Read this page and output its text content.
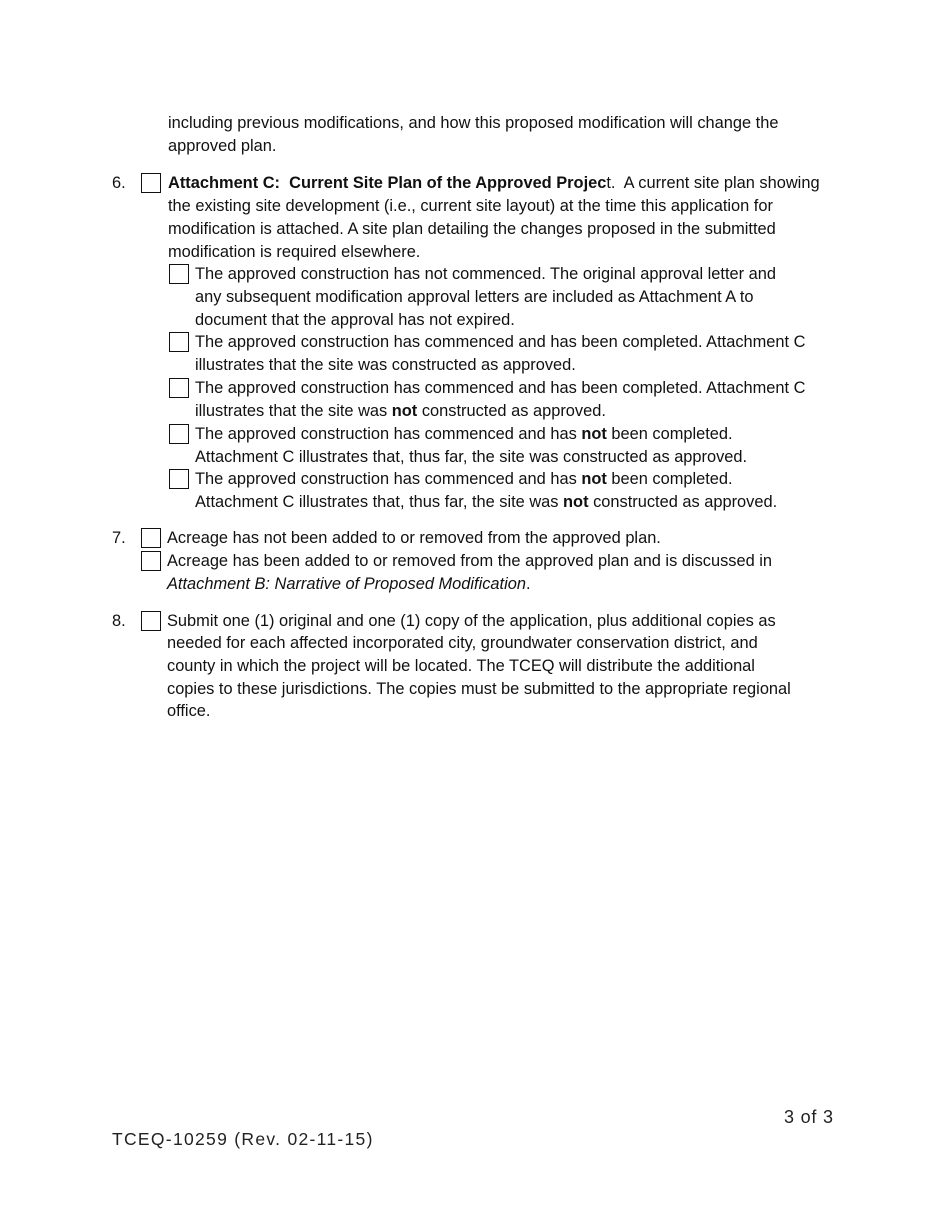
including previous modifications, and how this proposed modification will change the
approved plan.
6.	Attachment C:  Current Site Plan of the Approved Project.  A current site plan showing
the existing site development (i.e., current site layout) at the time this application for
modification is attached. A site plan detailing the changes proposed in the submitted
modification is required elsewhere.
The approved construction has not commenced. The original approval letter and
any subsequent modification approval letters are included as Attachment A to
document that the approval has not expired.
The approved construction has commenced and has been completed. Attachment C
illustrates that the site was constructed as approved.
The approved construction has commenced and has been completed. Attachment C
illustrates that the site was not constructed as approved.
The approved construction has commenced and has not been completed.
Attachment C illustrates that, thus far, the site was constructed as approved.
The approved construction has commenced and has not been completed.
Attachment C illustrates that, thus far, the site was not constructed as approved.
7.	Acreage has not been added to or removed from the approved plan.
Acreage has been added to or removed from the approved plan and is discussed in
Attachment B: Narrative of Proposed Modification.
8.	Submit one (1) original and one (1) copy of the application, plus additional copies as
needed for each affected incorporated city, groundwater conservation district, and
county in which the project will be located. The TCEQ will distribute the additional
copies to these jurisdictions. The copies must be submitted to the appropriate regional
office.
3 of 3
TCEQ-10259 (Rev. 02-11-15)
